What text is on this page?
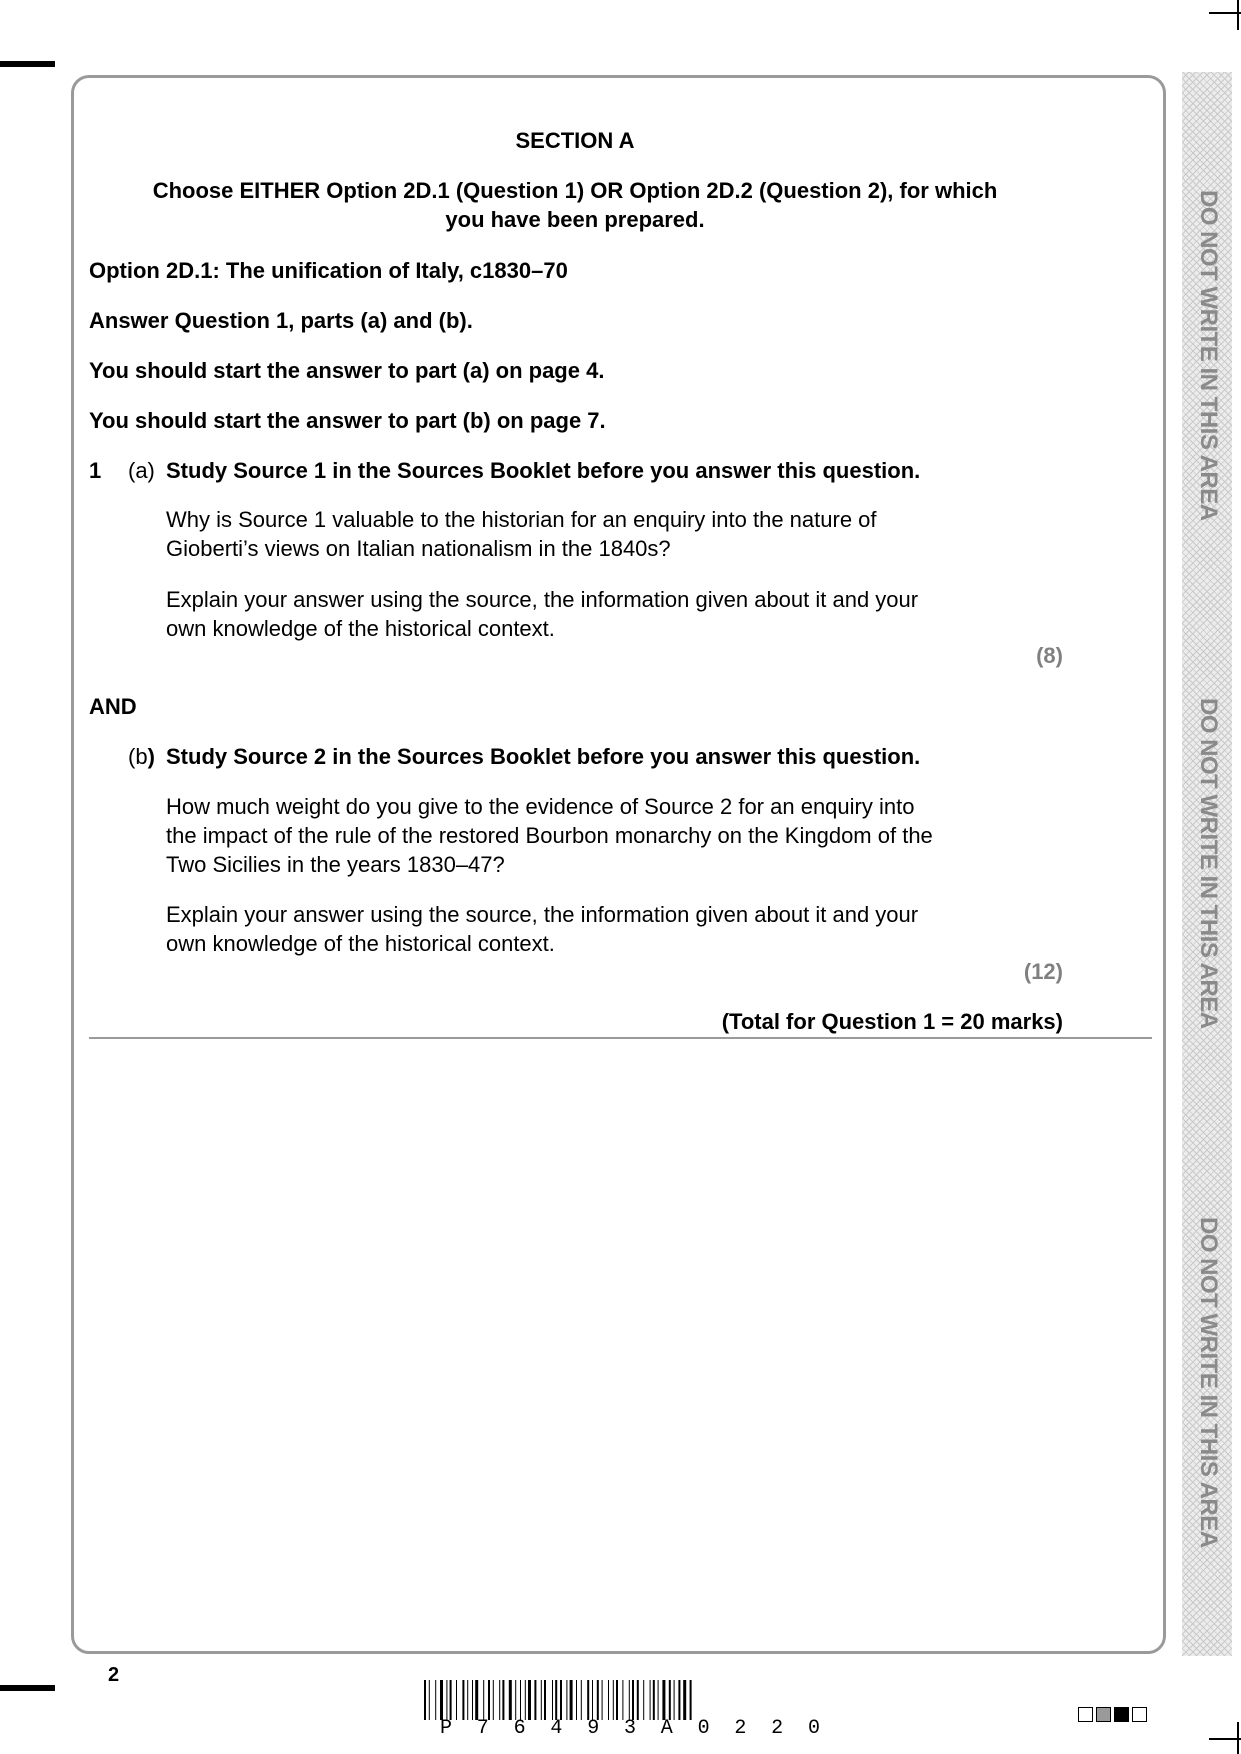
DO NOT WRITE IN THIS AREA
DO NOT WRITE IN THIS AREA
DO NOT WRITE IN THIS AREA
SECTION A
Choose EITHER Option 2D.1 (Question 1) OR Option 2D.2 (Question 2), for which
you have been prepared.
Option 2D.1: The unification of Italy, c1830–70
Answer Question 1, parts (a) and (b).
You should start the answer to part (a) on page 4.
You should start the answer to part (b) on page 7.
1 (a) Study Source 1 in the Sources Booklet before you answer this question.
Why is Source 1 valuable to the historian for an enquiry into the nature of
Gioberti’s views on Italian nationalism in the 1840s?
Explain your answer using the source, the information given about it and your
own knowledge of the historical context.
(8)
AND
(b) Study Source 2 in the Sources Booklet before you answer this question.
How much weight do you give to the evidence of Source 2 for an enquiry into
the impact of the rule of the restored Bourbon monarchy on the Kingdom of the
Two Sicilies in the years 1830–47?
Explain your answer using the source, the information given about it and your
own knowledge of the historical context.
(12)
(Total for Question 1 = 20 marks)
2
P 7 6 4 9 3 A 0 2 2 0
